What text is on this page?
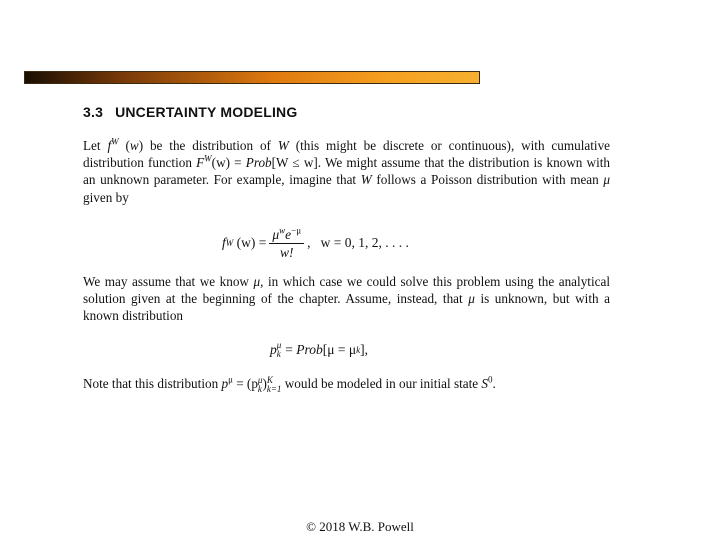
3.3 UNCERTAINTY MODELING

Let $f^W$ (w) be the distribution of W (this might be discrete or continuous), with cumulative distribution function $F^W(w)$ = Prob[W ≤ w]. We might assume that the distribution is known with an unknown parameter. For example, imagine that W follows a Poisson distribution with mean μ given by

f W
$(w) = \frac{\mu^we^{-\mu}}{w!}$ ,   w = 0, 1, 2, . . . .

We may assume that we know μ, in which case we could solve this problem using the analytical solution given at the beginning of the chapter. Assume, instead, that μ is unknown, but with a known distribution

p μ
k =
Prob [μ = μ k ],

Note that this distribution $p^\mu = (p$ μ
k ) K
k=1 would be modeled in our initial state $S^0$.

© 2018 W.B. Powell
